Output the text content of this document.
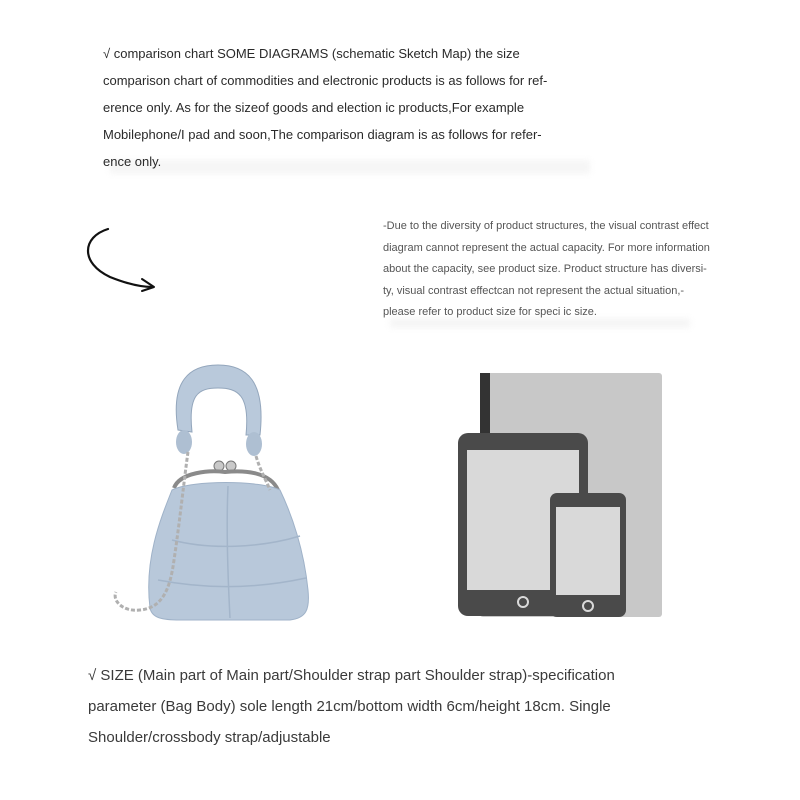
√ comparison chart SOME DIAGRAMS (schematic Sketch Map) the size
comparison chart of commodities and electronic products is as follows for ref-
erence only. As for the sizeof goods and election ic products,For example
Mobilephone/I pad and soon,The comparison diagram is as follows for refer-
ence only.
-Due to the diversity of product structures, the visual contrast effect
diagram cannot represent the actual capacity. For more information
about the capacity, see product size. Product structure has diversi-
ty, visual contrast effectcan not represent the actual situation,-
please refer to product size for speci ic size.
√ SIZE (Main part of Main part/Shoulder strap part Shoulder strap)-specification
parameter (Bag Body) sole length 21cm/bottom width 6cm/height 18cm. Single
Shoulder/crossbody strap/adjustable
